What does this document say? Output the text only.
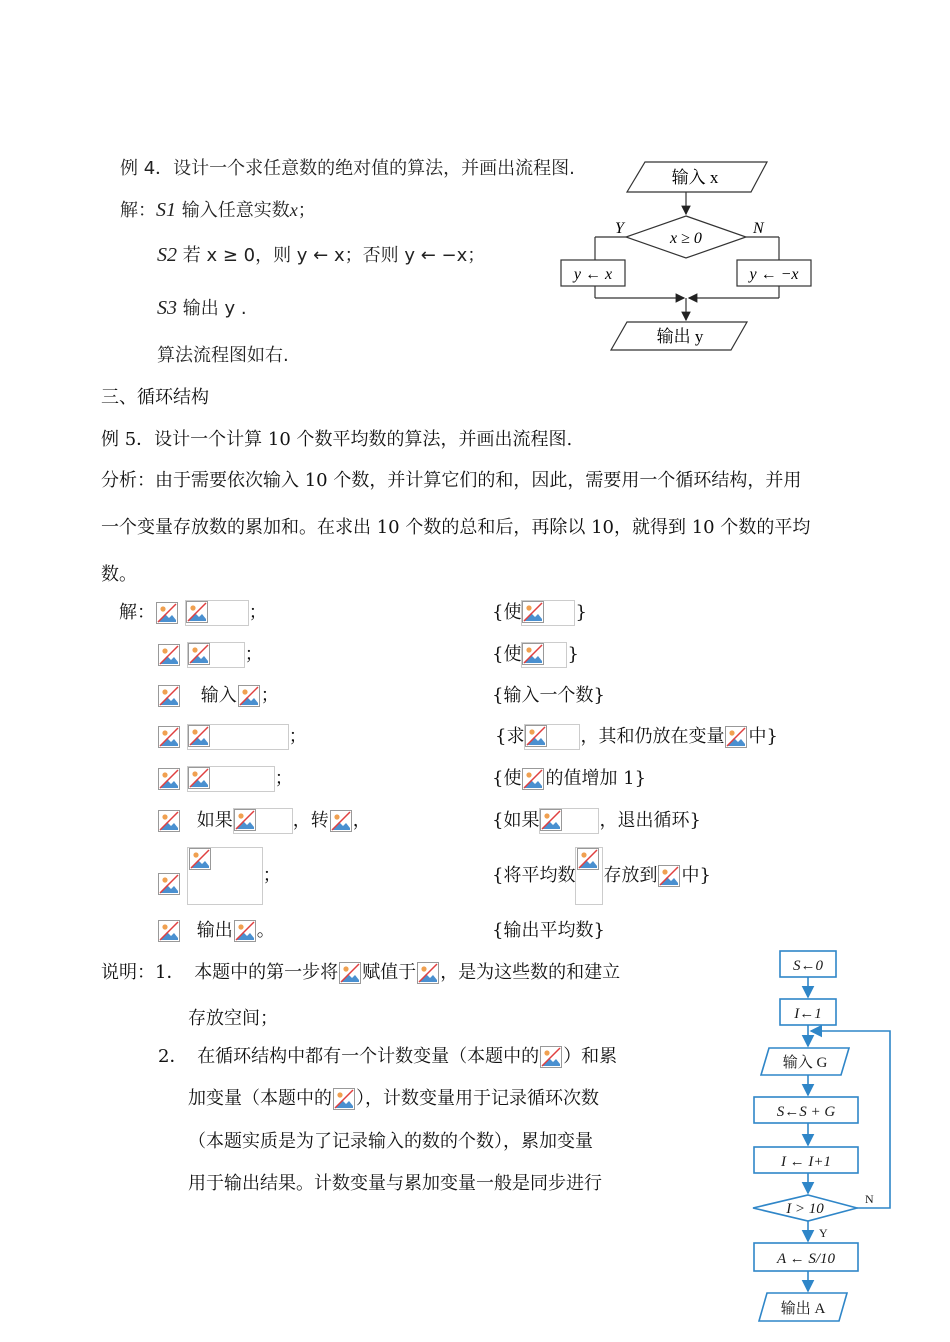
例 4．设计一个求任意数的绝对值的算法，并画出流程图.
解：S1 输入任意实数x；
S2 若 x ≥ 0，则 y ← x；否则 y ← −x；
S3 输出 y .
算法流程图如右.
输入 x
x ≥ 0
Y	N
y ← x	y ← −x
输出 y
三、循环结构
例 5．设计一个计算 10 个数平均数的算法，并画出流程图.
分析：由于需要依次输入 10 个数，并计算它们的和，因此，需要用一个循环结构，并用
一个变量存放数的累加和。在求出 10 个数的总和后，再除以 10，就得到 10 个数的平均
数。
解：
	；	{使	}

；	{使	}
输入 ；	{输入一个数}

；	{求	，其和仍放在变量 中}

；	{使 的值增加 1}
如果	，转 ，	{如果	，退出循环}

；	{将平均数 存放到 中}
输出 。	{输出平均数}
说明：1． 本题中的第一步将 赋值于 ，是为这些数的和建立
存放空间；
2． 在循环结构中都有一个计数变量（本题中的 ）和累
加变量（本题中的 ），计数变量用于记录循环次数
（本题实质是为了记录输入的数的个数），累加变量
用于输出结果。计数变量与累加变量一般是同步进行
S←0
I←1
输入 G
S←S + G
I ← I+1
I > 10
Y
N
A ← S/10
输出 A
